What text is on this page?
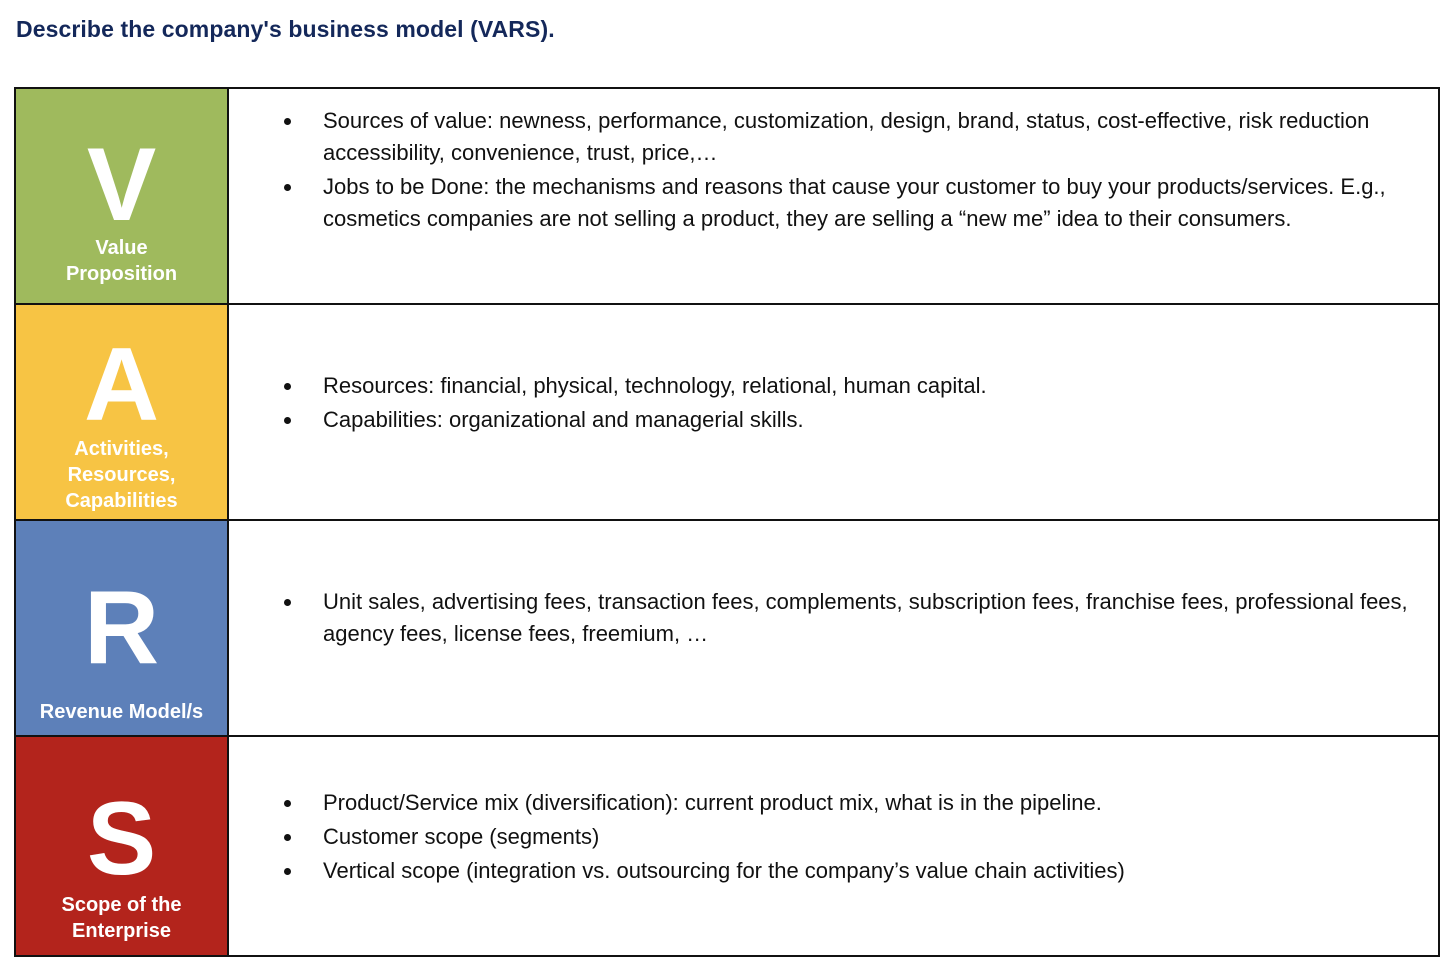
Describe the company's business model (VARS).
V
Value
Proposition
Sources of value: newness, performance, customization, design, brand, status, cost-effective, risk reduction accessibility, convenience, trust, price,…
Jobs to be Done: the mechanisms and reasons that cause your customer to buy your products/services. E.g., cosmetics companies are not selling a product, they are selling a “new me” idea to their consumers.
A
Activities,
Resources,
Capabilities
Resources: financial, physical, technology, relational, human capital.
Capabilities: organizational and managerial skills.
R
Revenue Model/s
Unit sales, advertising fees, transaction fees, complements, subscription fees, franchise fees, professional fees, agency fees, license fees, freemium, …
S
Scope of the
Enterprise
Product/Service mix (diversification): current product mix, what is in the pipeline.
Customer scope (segments)
Vertical scope (integration vs. outsourcing for the company’s value chain activities)
